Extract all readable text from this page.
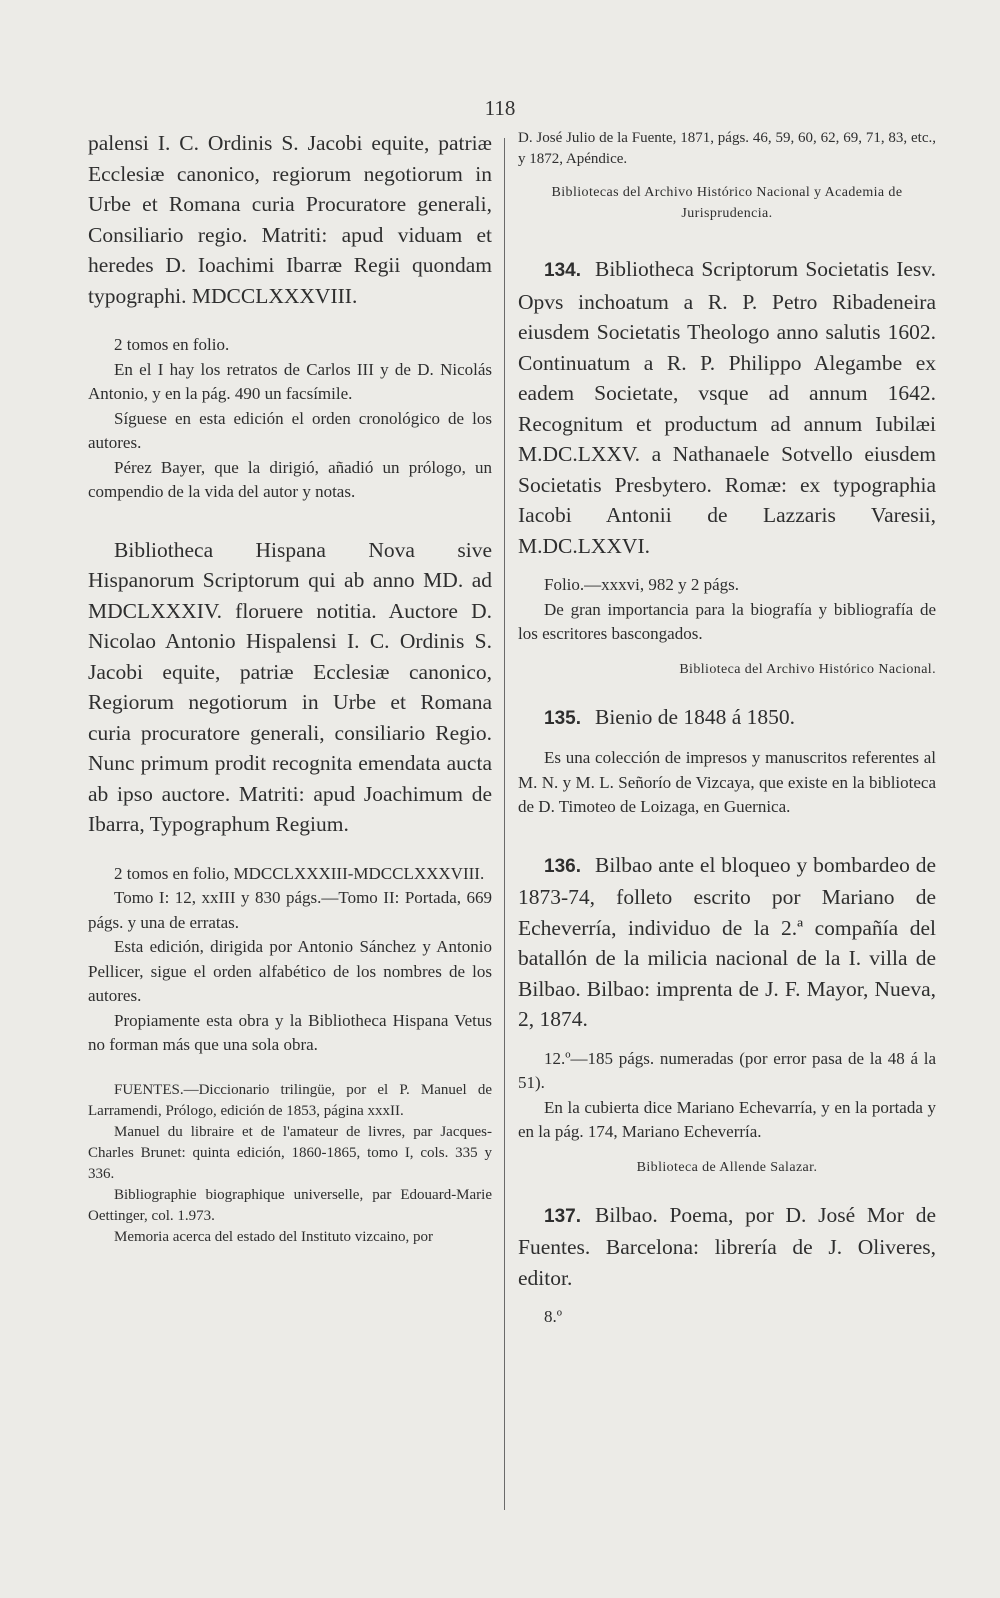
118

palensi I. C. Ordinis S. Jacobi equite, patriæ Ecclesiæ canonico, regiorum negotiorum in Urbe et Romana curia Procuratore generali, Consiliario regio. Matriti: apud viduam et heredes D. Ioachimi Ibarræ Regii quondam typographi. MDCCLXXXVIII.

2 tomos en folio.

En el I hay los retratos de Carlos III y de D. Nicolás Antonio, y en la pág. 490 un facsímile.

Síguese en esta edición el orden cronológico de los autores.

Pérez Bayer, que la dirigió, añadió un prólogo, un compendio de la vida del autor y notas.

Bibliotheca Hispana Nova sive Hispanorum Scriptorum qui ab anno MD. ad MDCLXXXIV. floruere notitia. Auctore D. Nicolao Antonio Hispalensi I. C. Ordinis S. Jacobi equite, patriæ Ecclesiæ canonico, Regiorum negotiorum in Urbe et Romana curia procuratore generali, consiliario Regio. Nunc primum prodit recognita emendata aucta ab ipso auctore. Matriti: apud Joachimum de Ibarra, Typographum Regium.

2 tomos en folio, MDCCLXXXIII-MDCCLXXXVIII.

Tomo I: 12, xxIII y 830 págs.—Tomo II: Portada, 669 págs. y una de erratas.

Esta edición, dirigida por Antonio Sánchez y Antonio Pellicer, sigue el orden alfabético de los nombres de los autores.

Propiamente esta obra y la Bibliotheca Hispana Vetus no forman más que una sola obra.

FUENTES.—Diccionario trilingüe, por el P. Manuel de Larramendi, Prólogo, edición de 1853, página xxxII.

Manuel du libraire et de l'amateur de livres, par Jacques-Charles Brunet: quinta edición, 1860-1865, tomo I, cols. 335 y 336.

Bibliographie biographique universelle, par Edouard-Marie Oettinger, col. 1.973.

Memoria acerca del estado del Instituto vizcaino, por

D. José Julio de la Fuente, 1871, págs. 46, 59, 60, 62, 69, 71, 83, etc., y 1872, Apéndice.

Bibliotecas del Archivo Histórico Nacional y Academia de Jurisprudencia.

134. Bibliotheca Scriptorum Societatis Iesv. Opvs inchoatum a R. P. Petro Ribadeneira eiusdem Societatis Theologo anno salutis 1602. Continuatum a R. P. Philippo Alegambe ex eadem Societate, vsque ad annum 1642. Recognitum et productum ad annum Iubilæi M.DC.LXXV. a Nathanaele Sotvello eiusdem Societatis Presbytero. Romæ: ex typographia Iacobi Antonii de Lazzaris Varesii, M.DC.LXXVI.

Folio.—xxxvi, 982 y 2 págs.

De gran importancia para la biografía y bibliografía de los escritores bascongados.

Biblioteca del Archivo Histórico Nacional.

135. Bienio de 1848 á 1850.

Es una colección de impresos y manuscritos referentes al M. N. y M. L. Señorío de Vizcaya, que existe en la biblioteca de D. Timoteo de Loizaga, en Guernica.

136. Bilbao ante el bloqueo y bombardeo de 1873-74, folleto escrito por Mariano de Echeverría, individuo de la 2.ª compañía del batallón de la milicia nacional de la I. villa de Bilbao. Bilbao: imprenta de J. F. Mayor, Nueva, 2, 1874.

12.º—185 págs. numeradas (por error pasa de la 48 á la 51).

En la cubierta dice Mariano Echevarría, y en la portada y en la pág. 174, Mariano Echeverría.

Biblioteca de Allende Salazar.

137. Bilbao. Poema, por D. José Mor de Fuentes. Barcelona: librería de J. Oliveres, editor.

8.º
